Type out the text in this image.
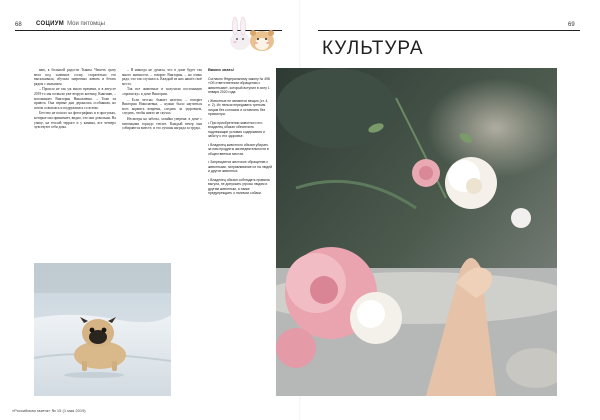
68 СОЦИУМ Мои питомцы

ваю, к большой радости Тыквы. Чешеть сразу вела под заливное сосну, старательно его выталкивала, обучала энергично жевать и бегать рядом с малышом.

– Прошло не так уж много времени, и в августе 2019-го мы позвали уже вторую котенку, Княгиню, – вспоминает Виктория Николаевна. – Тоже из приюта. Она первые дни держалась особняком, но потом освоилась и подружилась со всеми.

Бегство не пошло: на фотографиях и в прогулках, которые она принимает, видно, что они довольны. На улице, на теплой террасе и у камина, все четверо чувствуют себя дома.

– Я никогда не думала, что в доме будет так много живности, – говорит Виктория, – но очень рада, что так случилось. Каждый из них нашёл своё место.

Так все животные и получили постоянную «прописку» в доме Виктории.

– Если честно, бывает нелегко, – говорит Виктория Николаевна, – нужно было научиться всех кормить вовремя, следить за здоровьем, следить, чтобы никто не скучал.

Несмотря на заботы, хозяйка уверена: в доме с питомцами гораздо теплее. Каждый вечер они собираются вместе, и это лучшая награда за труды.

Важно знать!

Согласно Федеральному закону № 498 «Об ответственном обращении с животными», который вступил в силу 1 января 2020 года:

• Животные не являются вещью (ст. 4, п. 2). Их нельзя передавать третьим лицам без согласия и оставлять без присмотра.

• При приобретении животного его владелец обязан обеспечить надлежащие условия содержания и заботу о его здоровье.

• Владелец животного обязан убирать за ним продукты жизнедеятельности в общественных местах.

• Запрещается жестокое обращение с животными, натравливание их на людей и других животных.

• Владелец обязан соблюдать правила выгула, не допускать угрозы людям и другим животным, а также предупреждать о наличии собаки.

69
КУЛЬТУРА
«Российская газета» № 15 (1 мая 2019)
